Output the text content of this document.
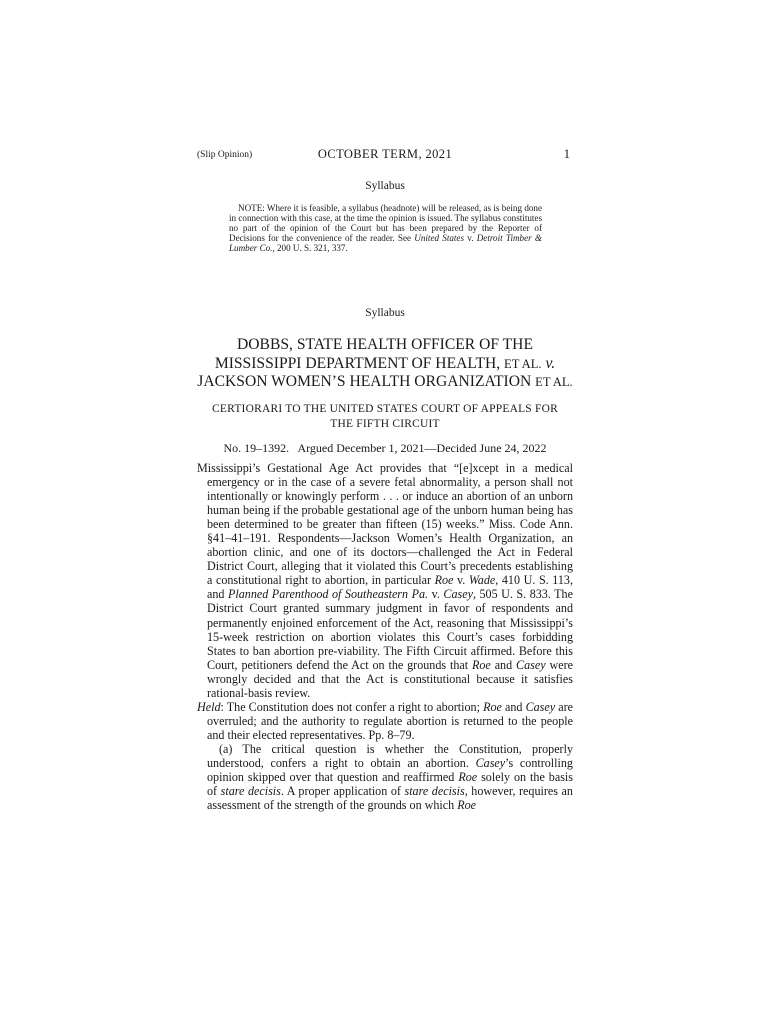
(Slip Opinion)	OCTOBER TERM, 2021	1
Syllabus
NOTE: Where it is feasible, a syllabus (headnote) will be released, as is being done in connection with this case, at the time the opinion is issued. The syllabus constitutes no part of the opinion of the Court but has been prepared by the Reporter of Decisions for the convenience of the reader. See United States v. Detroit Timber & Lumber Co., 200 U. S. 321, 337.
Syllabus
DOBBS, STATE HEALTH OFFICER OF THE
MISSISSIPPI DEPARTMENT OF HEALTH, ET AL. v.
JACKSON WOMEN’S HEALTH ORGANIZATION ET AL.
CERTIORARI TO THE UNITED STATES COURT OF APPEALS FOR
THE FIFTH CIRCUIT
No. 19–1392.   Argued December 1, 2021—Decided June 24, 2022

Mississippi’s Gestational Age Act provides that “[e]xcept in a medical emergency or in the case of a severe fetal abnormality, a person shall not intentionally or knowingly perform . . . or induce an abortion of an unborn human being if the probable gestational age of the unborn human being has been determined to be greater than fifteen (15) weeks.” Miss. Code Ann. §41–41–191. Respondents—Jackson Women’s Health Organization, an abortion clinic, and one of its doctors—challenged the Act in Federal District Court, alleging that it violated this Court’s precedents establishing a constitutional right to abortion, in particular Roe v. Wade, 410 U. S. 113, and Planned Parenthood of Southeastern Pa. v. Casey, 505 U. S. 833. The District Court granted summary judgment in favor of respondents and permanently enjoined enforcement of the Act, reasoning that Mississippi’s 15-week restriction on abortion violates this Court’s cases forbidding States to ban abortion pre-viability. The Fifth Circuit affirmed. Before this Court, petitioners defend the Act on the grounds that Roe and Casey were wrongly decided and that the Act is constitutional because it satisfies rational-basis review.

Held: The Constitution does not confer a right to abortion; Roe and Casey are overruled; and the authority to regulate abortion is returned to the people and their elected representatives. Pp. 8–79.

(a) The critical question is whether the Constitution, properly understood, confers a right to obtain an abortion. Casey’s controlling opinion skipped over that question and reaffirmed Roe solely on the basis of stare decisis. A proper application of stare decisis, however, requires an assessment of the strength of the grounds on which Roe
